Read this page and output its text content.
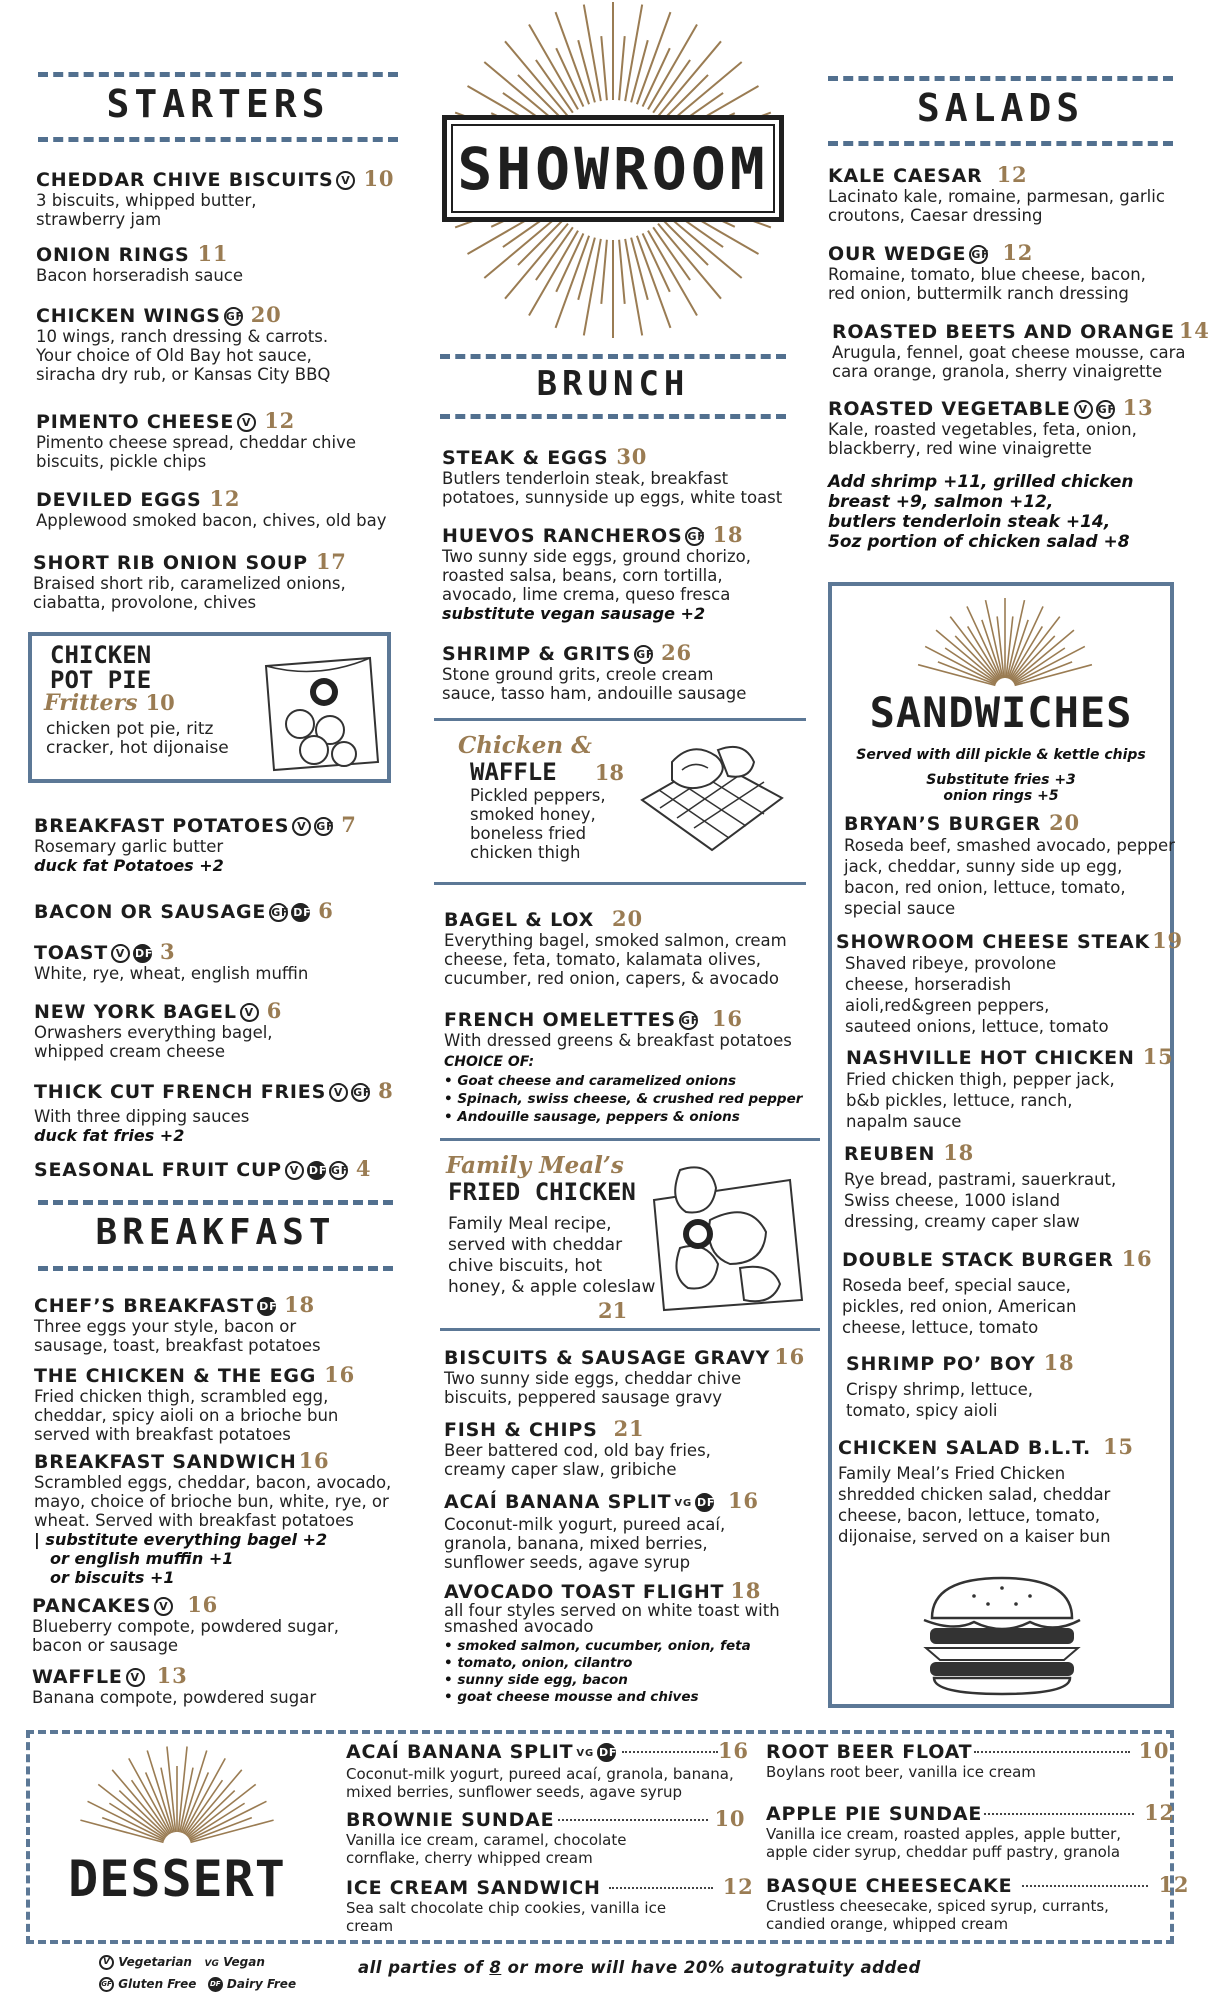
SHOWROOM
STARTERS
CHEDDAR CHIVE BISCUITS V 10
3 biscuits, whipped butter,
strawberry jam
ONION RINGS 11
Bacon horseradish sauce
CHICKEN WINGS GF 20
10 wings, ranch dressing & carrots.
Your choice of Old Bay hot sauce,
siracha dry rub, or Kansas City BBQ
PIMENTO CHEESE V 12
Pimento cheese spread, cheddar chive
biscuits, pickle chips
DEVILED EGGS 12
Applewood smoked bacon, chives, old bay
SHORT RIB ONION SOUP 17
Braised short rib, caramelized onions,
ciabatta, provolone, chives
CHICKEN
POT PIE
Fritters 10
chicken pot pie, ritz
cracker, hot dijonaise
BREAKFAST POTATOES V GF 7
Rosemary garlic butter
duck fat Potatoes +2
BACON OR SAUSAGE GF DF 6
TOAST V DF 3
White, rye, wheat, english muffin
NEW YORK BAGEL V 6
Orwashers everything bagel,
whipped cream cheese
THICK CUT FRENCH FRIES V GF 8
With three dipping sauces
duck fat fries +2
SEASONAL FRUIT CUP V DF GF 4
BREAKFAST
CHEF’S BREAKFAST DF 18
Three eggs your style, bacon or
sausage, toast, breakfast potatoes
THE CHICKEN & THE EGG 16
Fried chicken thigh, scrambled egg,
cheddar, spicy aioli on a brioche bun
served with breakfast potatoes
BREAKFAST SANDWICH16
Scrambled eggs, cheddar, bacon, avocado,
mayo, choice of brioche bun, white, rye, or
wheat. Served with breakfast potatoes
| substitute everything bagel +2
or english muffin +1
or biscuits +1
PANCAKES V 16
Blueberry compote, powdered sugar,
bacon or sausage
WAFFLE V 13
Banana compote, powdered sugar
BRUNCH
STEAK & EGGS 30
Butlers tenderloin steak, breakfast
potatoes, sunnyside up eggs, white toast
HUEVOS RANCHEROS GF 18
Two sunny side eggs, ground chorizo,
roasted salsa, beans, corn tortilla,
avocado, lime crema, queso fresca
substitute vegan sausage +2
SHRIMP & GRITS GF 26
Stone ground grits, creole cream
sauce, tasso ham, andouille sausage
Chicken &
WAFFLE 18
Pickled peppers,
smoked honey,
boneless fried
chicken thigh
BAGEL & LOX 20
Everything bagel, smoked salmon, cream
cheese, feta, tomato, kalamata olives,
cucumber, red onion, capers, & avocado
FRENCH OMELETTES GF 16
With dressed greens & breakfast potatoes
CHOICE OF:
• Goat cheese and caramelized onions
• Spinach, swiss cheese, & crushed red pepper
• Andouille sausage, peppers & onions
Family Meal’s
FRIED CHICKEN
Family Meal recipe,
served with cheddar
chive biscuits, hot
honey, & apple coleslaw
21
BISCUITS & SAUSAGE GRAVY 16
Two sunny side eggs, cheddar chive
biscuits, peppered sausage gravy
FISH & CHIPS 21
Beer battered cod, old bay fries,
creamy caper slaw, gribiche
ACAÍ BANANA SPLIT VG DF 16
Coconut-milk yogurt, pureed acaí,
granola, banana, mixed berries,
sunflower seeds, agave syrup
AVOCADO TOAST FLIGHT 18
all four styles served on white toast with
smashed avocado
• smoked salmon, cucumber, onion, feta
• tomato, onion, cilantro
• sunny side egg, bacon
• goat cheese mousse and chives
SALADS
KALE CAESAR 12
Lacinato kale, romaine, parmesan, garlic
croutons, Caesar dressing
OUR WEDGE GF 12
Romaine, tomato, blue cheese, bacon,
red onion, buttermilk ranch dressing
ROASTED BEETS AND ORANGE 14
Arugula, fennel, goat cheese mousse, cara
cara orange, granola, sherry vinaigrette
ROASTED VEGETABLE V GF 13
Kale, roasted vegetables, feta, onion,
blackberry, red wine vinaigrette
Add shrimp +11, grilled chicken
breast +9, salmon +12,
butlers tenderloin steak +14,
5oz portion of chicken salad +8
SANDWICHES
Served with dill pickle & kettle chips
Substitute fries +3
onion rings +5
BRYAN’S BURGER 20
Roseda beef, smashed avocado, pepper
jack, cheddar, sunny side up egg,
bacon, red onion, lettuce, tomato,
special sauce
SHOWROOM CHEESE STEAK19
Shaved ribeye, provolone
cheese, horseradish
aioli,red&green peppers,
sauteed onions, lettuce, tomato
NASHVILLE HOT CHICKEN 15
Fried chicken thigh, pepper jack,
b&b pickles, lettuce, ranch,
napalm sauce
REUBEN 18
Rye bread, pastrami, sauerkraut,
Swiss cheese, 1000 island
dressing, creamy caper slaw
DOUBLE STACK BURGER 16
Roseda beef, special sauce,
pickles, red onion, American
cheese, lettuce, tomato
SHRIMP PO’ BOY 18
Crispy shrimp, lettuce,
tomato, spicy aioli
CHICKEN SALAD B.L.T. 15
Family Meal’s Fried Chicken
shredded chicken salad, cheddar
cheese, bacon, lettuce, tomato,
dijonaise, served on a kaiser bun
DESSERT
ACAÍ BANANA SPLIT VG DF	16
Coconut-milk yogurt, pureed acaí, granola, banana,
mixed berries, sunflower seeds, agave syrup
BROWNIE SUNDAE	10
Vanilla ice cream, caramel, chocolate
cornflake, cherry whipped cream
ICE CREAM SANDWICH	12
Sea salt chocolate chip cookies, vanilla ice
cream
ROOT BEER FLOAT	10
Boylans root beer, vanilla ice cream
APPLE PIE SUNDAE	12
Vanilla ice cream, roasted apples, apple butter,
apple cider syrup, cheddar puff pastry, granola
BASQUE CHEESECAKE	12
Crustless cheesecake, spiced syrup, currants,
candied orange, whipped cream
V Vegetarian VG Vegan
GF Gluten Free DF Dairy Free
all parties of 8 or more will have 20% autogratuity added
